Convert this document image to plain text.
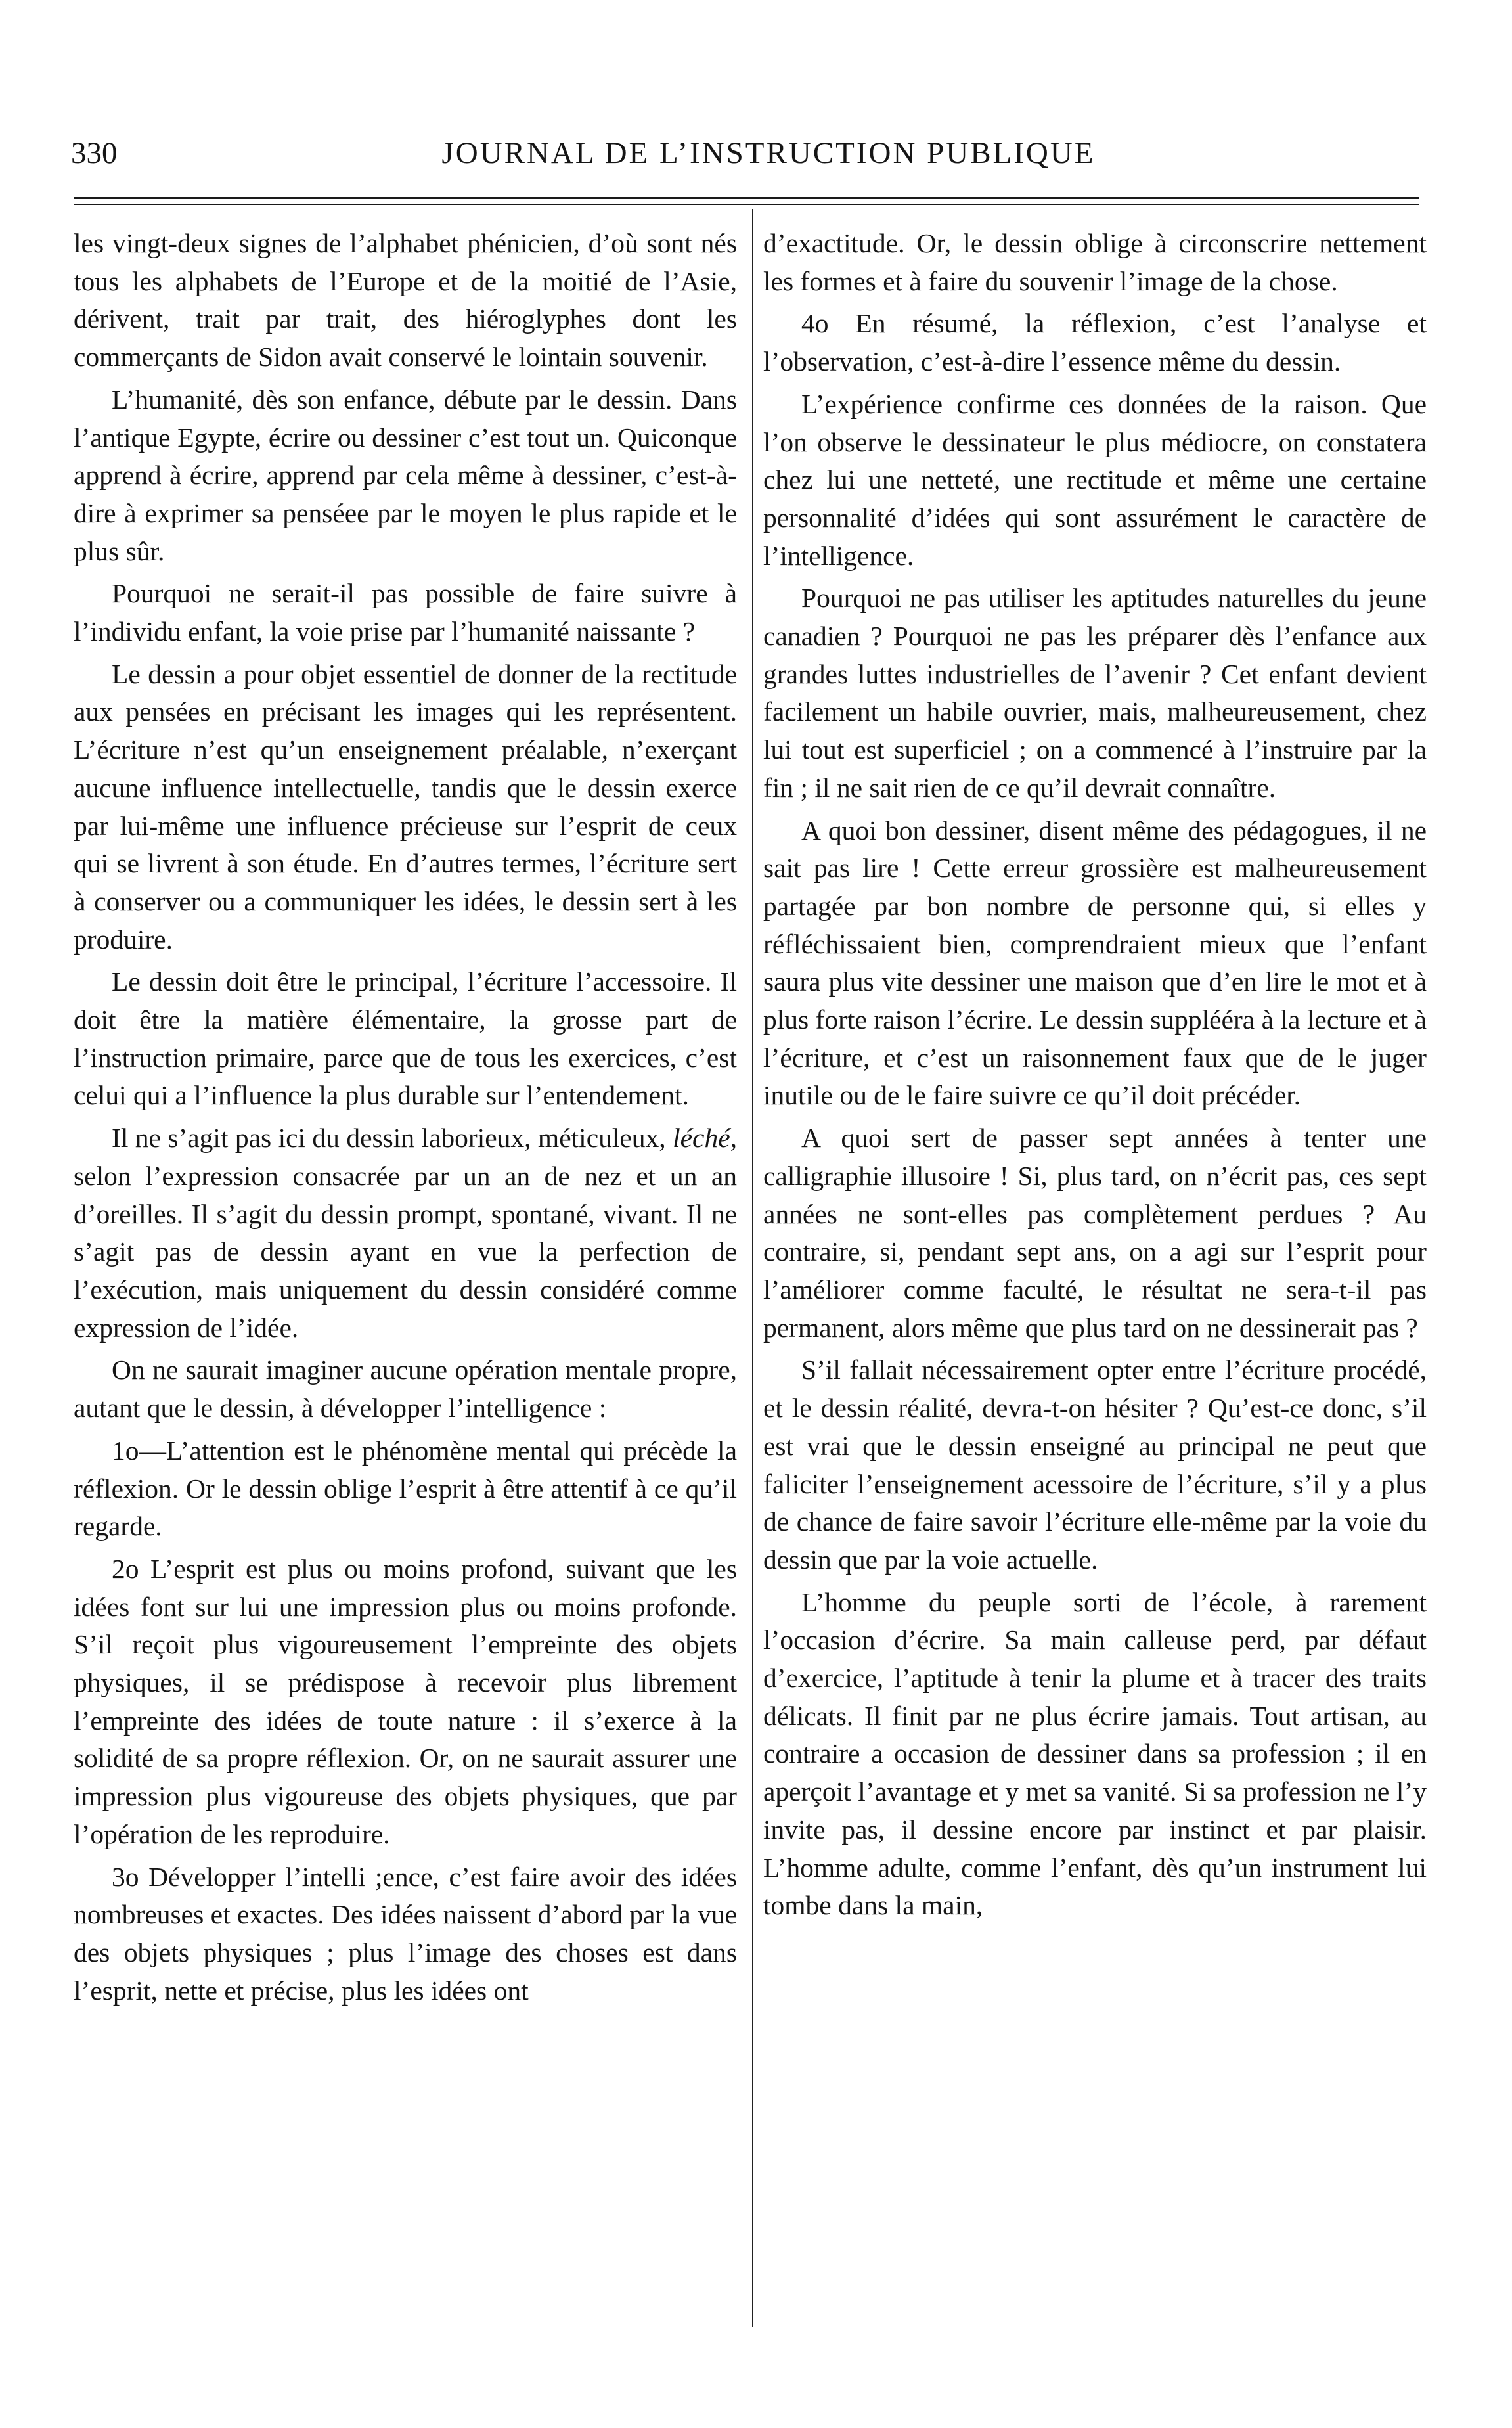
330	JOURNAL DE L’INSTRUCTION PUBLIQUE

les vingt-deux signes de l’alphabet phénicien, d’où sont nés tous les alphabets de l’Europe et de la moitié de l’Asie, dérivent, trait par trait, des hiéroglyphes dont les commerçants de Sidon avait conservé le lointain souvenir.

L’humanité, dès son enfance, débute par le dessin. Dans l’antique Egypte, écrire ou dessiner c’est tout un. Quiconque apprend à écrire, apprend par cela même à dessiner, c’est-à-dire à exprimer sa penséee par le moyen le plus rapide et le plus sûr.

Pourquoi ne serait-il pas possible de faire suivre à l’individu enfant, la voie prise par l’humanité naissante ?

Le dessin a pour objet essentiel de donner de la rectitude aux pensées en précisant les images qui les représentent. L’écriture n’est qu’un enseignement préalable, n’exerçant aucune influence intellectuelle, tandis que le dessin exerce par lui-même une influence précieuse sur l’esprit de ceux qui se livrent à son étude. En d’autres termes, l’écriture sert à conserver ou a communiquer les idées, le dessin sert à les produire.

Le dessin doit être le principal, l’écriture l’accessoire. Il doit être la matière élémentaire, la grosse part de l’instruction primaire, parce que de tous les exercices, c’est celui qui a l’influence la plus durable sur l’entendement.

Il ne s’agit pas ici du dessin laborieux, méticuleux, léché, selon l’expression consacrée par un an de nez et un an d’oreilles. Il s’agit du dessin prompt, spontané, vivant. Il ne s’agit pas de dessin ayant en vue la perfection de l’exécution, mais uniquement du dessin considéré comme expression de l’idée.

On ne saurait imaginer aucune opération mentale propre, autant que le dessin, à développer l’intelligence :

1o—L’attention est le phénomène mental qui précède la réflexion. Or le dessin oblige l’esprit à être attentif à ce qu’il regarde.

2o L’esprit est plus ou moins profond, suivant que les idées font sur lui une impression plus ou moins profonde. S’il reçoit plus vigoureusement l’empreinte des objets physiques, il se prédispose à recevoir plus librement l’empreinte des idées de toute nature : il s’exerce à la solidité de sa propre réflexion. Or, on ne saurait assurer une impression plus vigoureuse des objets physiques, que par l’opération de les reproduire.

3o Développer l’intelli ;ence, c’est faire avoir des idées nombreuses et exactes. Des idées naissent d’abord par la vue des objets physiques ; plus l’image des choses est dans l’esprit, nette et précise, plus les idées ont

d’exactitude. Or, le dessin oblige à circonscrire nettement les formes et à faire du souvenir l’image de la chose.

4o En résumé, la réflexion, c’est l’analyse et l’observation, c’est-à-dire l’essence même du dessin.

L’expérience confirme ces données de la raison. Que l’on observe le dessinateur le plus médiocre, on constatera chez lui une netteté, une rectitude et même une certaine personnalité d’idées qui sont assurément le caractère de l’intelligence.

Pourquoi ne pas utiliser les aptitudes naturelles du jeune canadien ? Pourquoi ne pas les préparer dès l’enfance aux grandes luttes industrielles de l’avenir ? Cet enfant devient facilement un habile ouvrier, mais, malheureusement, chez lui tout est superficiel ; on a commencé à l’instruire par la fin ; il ne sait rien de ce qu’il devrait connaître.

A quoi bon dessiner, disent même des pédagogues, il ne sait pas lire ! Cette erreur grossière est malheureusement partagée par bon nombre de personne qui, si elles y réfléchissaient bien, comprendraient mieux que l’enfant saura plus vite dessiner une maison que d’en lire le mot et à plus forte raison l’écrire. Le dessin supplééra à la lecture et à l’écriture, et c’est un raisonnement faux que de le juger inutile ou de le faire suivre ce qu’il doit précéder.

A quoi sert de passer sept années à tenter une calligraphie illusoire ! Si, plus tard, on n’écrit pas, ces sept années ne sont-elles pas complètement perdues ? Au contraire, si, pendant sept ans, on a agi sur l’esprit pour l’améliorer comme faculté, le résultat ne sera-t-il pas permanent, alors même que plus tard on ne dessinerait pas ?

S’il fallait nécessairement opter entre l’écriture procédé, et le dessin réalité, devra-t-on hésiter ? Qu’est-ce donc, s’il est vrai que le dessin enseigné au principal ne peut que faliciter l’enseignement acessoire de l’écriture, s’il y a plus de chance de faire savoir l’écriture elle-même par la voie du dessin que par la voie actuelle.

L’homme du peuple sorti de l’école, à rarement l’occasion d’écrire. Sa main calleuse perd, par défaut d’exercice, l’aptitude à tenir la plume et à tracer des traits délicats. Il finit par ne plus écrire jamais. Tout artisan, au contraire a occasion de dessiner dans sa profession ; il en aperçoit l’avantage et y met sa vanité. Si sa profession ne l’y invite pas, il dessine encore par instinct et par plaisir. L’homme adulte, comme l’enfant, dès qu’un instrument lui tombe dans la main,
